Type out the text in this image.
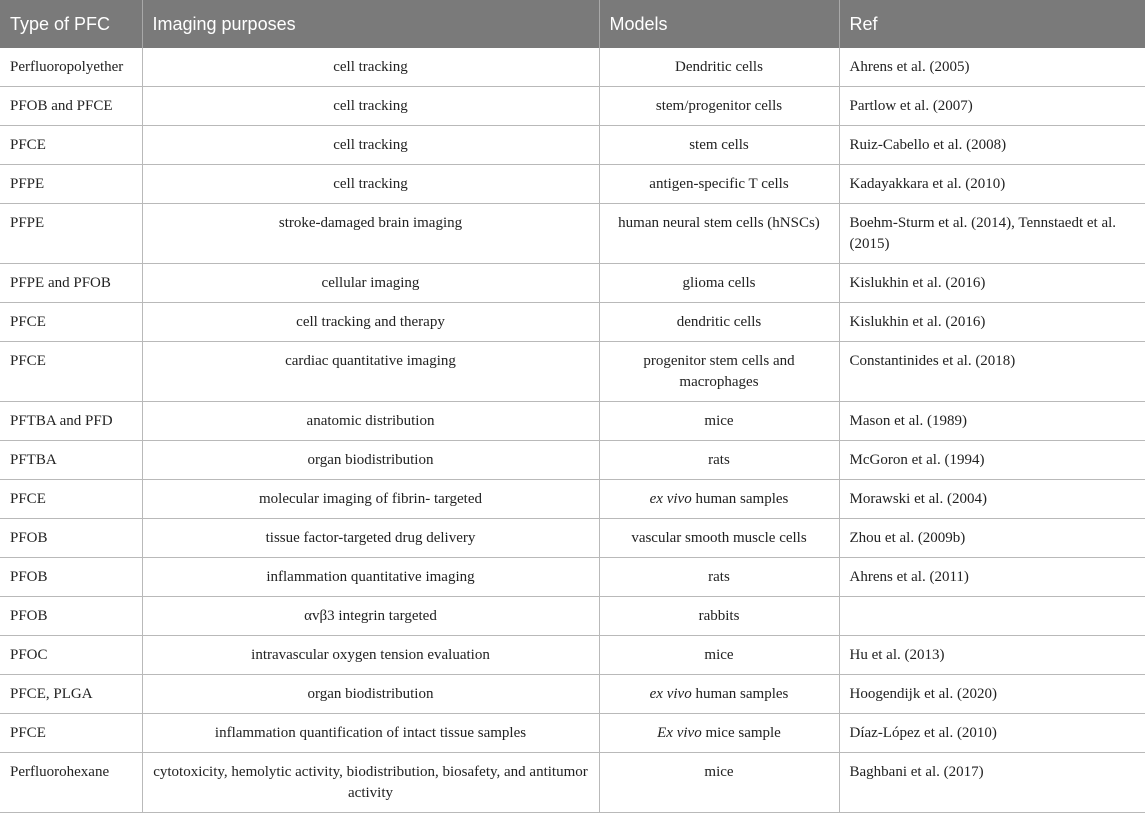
Type of PFC	Imaging purposes	Models	Ref
Perfluoropolyether	cell tracking	Dendritic cells	Ahrens et al. (2005)
PFOB and PFCE	cell tracking	stem/progenitor cells	Partlow et al. (2007)
PFCE	cell tracking	stem cells	Ruiz-Cabello et al. (2008)
PFPE	cell tracking	antigen-specific T cells	Kadayakkara et al. (2010)
PFPE	stroke-damaged brain imaging	human neural stem cells (hNSCs)	Boehm-Sturm et al. (2014), Tennstaedt et al. (2015)
PFPE and PFOB	cellular imaging	glioma cells	Kislukhin et al. (2016)
PFCE	cell tracking and therapy	dendritic cells	Kislukhin et al. (2016)
PFCE	cardiac quantitative imaging	progenitor stem cells and macrophages	Constantinides et al. (2018)
PFTBA and PFD	anatomic distribution	mice	Mason et al. (1989)
PFTBA	organ biodistribution	rats	McGoron et al. (1994)
PFCE	molecular imaging of fibrin- targeted	ex vivo human samples	Morawski et al. (2004)
PFOB	tissue factor-targeted drug delivery	vascular smooth muscle cells	Zhou et al. (2009b)
PFOB	inflammation quantitative imaging	rats	Ahrens et al. (2011)
PFOB	αvβ3 integrin targeted	rabbits	
PFOC	intravascular oxygen tension evaluation	mice	Hu et al. (2013)
PFCE, PLGA	organ biodistribution	ex vivo human samples	Hoogendijk et al. (2020)
PFCE	inflammation quantification of intact tissue samples	Ex vivo mice sample	Díaz-López et al. (2010)
Perfluorohexane	cytotoxicity, hemolytic activity, biodistribution, biosafety, and antitumor activity	mice	Baghbani et al. (2017)
